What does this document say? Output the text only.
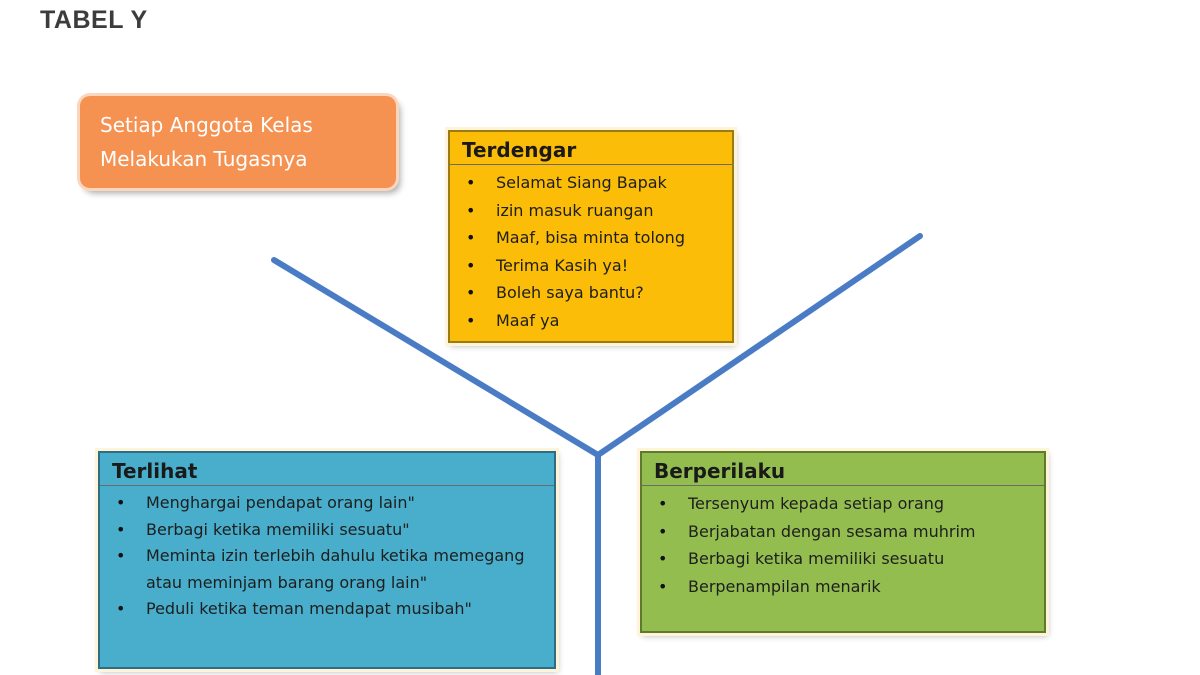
TABEL Y
Setiap Anggota Kelas
Melakukan Tugasnya	Terdengar
• Selamat Siang Bapak
• izin masuk ruangan
• Maaf, bisa minta tolong
• Terima Kasih ya!
• Boleh saya bantu?
• Maaf ya
Terlihat
• Menghargai pendapat orang lain"
• Berbagi ketika memiliki sesuatu"
• Meminta izin terlebih dahulu ketika memegang atau meminjam barang orang lain"
• Peduli ketika teman mendapat musibah"
Berperilaku
• Tersenyum kepada setiap orang
• Berjabatan dengan sesama muhrim
• Berbagi ketika memiliki sesuatu
• Berpenampilan menarik
